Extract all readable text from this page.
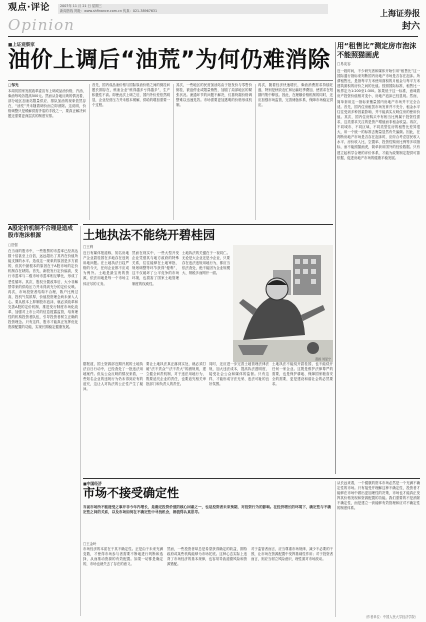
观点·评论
Opinion
2007年 11 月 21 日 星期三
新闻热线 网址：www.shfinance.com.cn 传真：021-38967631	上海证券报
封六
■上证观察家
油价上调后“油荒”为何仍难消除
□邹光
本周初国家发展改革委宣布上调成品油价格，汽油、柴油每吨各提高500元。然而从各地反映的情况看，部分地区加油站限量供应、排队加油的现象依然存在，“油荒”并未随着调价而立即消除。这说明，价格调整只是缓解供需矛盾的手段之一，要真正解决问题还需要更深层次的制度安排。
首先，国内成品油价格与国际原油价格之间的倒挂问题长期存在，炼油企业“炼得越多亏得越多”，生产积极性不高。即使此次上调之后，国内外价差依然明显，企业经营压力并未根本缓解，供给的增加需要一个过程。
其次，一些地区的民营加油站由于批发价与零售价倒挂，被迫停业或限量销售，加剧了局部地区的紧张状况。流通环节的问题不解决，仅靠终端价格调整难以迅速见效。市场需要更加透明的价格形成机制。
再次，随着经济快速增长，柴油消费需求持续旺盛，特别是秋收农忙和运输旺季叠加，使需求在短期内集中释放。因此，在理顺价格机制的同时，还应加强市场监管，完善储备体系，保障市场稳定供应。
用“租售比”测定房市泡沫不能照猫画虎
□易宪容
近一段时间，不少研究者和媒体开始引用“租售比”这一国际通行指标来判断国内房地产市场是否存在泡沫。所谓租售比，是指每平方米使用面积的月租金与每平方米建筑面积的房价之间的比值。按照国际标准，租售比一般界定为1:200至1:300。如果低于这一标准，意味着房产投资价值相对变小，房地产泡沫已经显现。然而，简单套用这一指标来衡量国内房地产市场并不完全合适。首先，国内住房租赁市场发育并不充分，租金水平往往受到多种因素影响，并不能真实反映住房的使用价值。其次，国内住房购买中有相当比例属于投资性需求，这类需求关注的是资产增值而非租金收益。再次，不同城市、不同区域、不同类型住房的租售比差异很大，用一个统一的标准去衡量显然有失偏颇。因此，在判断房地产市场是否存在泡沫时，应综合考虑居民收入水平、房价收入比、空置率、投资性购房比例等多项指标，而不能照猫画虎，简单套用国外的经验数据。只有建立起科学合理的评价体系，才能为政策制定提供可靠依据，促进房地产市场的健康平稳发展。
A股定价机制不合理是造成股市泡沫根源
□贺强
在当前的股市中，一些股票的市盈率已经高达数十倍甚至上百倍，远远超出了其内在价值所能支撑的水平。造成这一现象的原因是多方面的，但其中最根本的原因在于A股市场的定价机制存在缺陷。首先，新股发行定价偏高，发行市盈率与二级市场市盈率相互攀比，形成了恶性循环。其次，股权分置改革后，大小非解禁带来的供给压力并未得到充分的定价反映。再次，市场投资者结构不合理，散户比例过高，投机气氛浓厚，价值投资理念尚未深入人心。要从根本上抑制股市泡沫，就必须改革和完善A股的定价机制，推进发行制度市场化改革，加强对上市公司的信息披露监管，培育理性的机构投资者队伍，引导投资者树立正确的投资理念。只有这样，股市才能真正发挥优化资源配置的功能，实现长期稳定健康发展。
土地执法不能绕开碧桂园
□王利
近日有媒体报道称，知名房地产企业碧桂园在多地存在违规用地问题。在土地执法日趋严格的今天，任何企业都不应成为例外。土地是最宝贵的资源，依法用地是每一个市场主体应尽的义务。
然而在现实中，一些大型开发企业凭借其与地方政府的特殊关系，往往能够在土地审批、规划调整等环节获得“便利”，这不仅破坏了公平竞争的市场环境，也损害了国家土地管理制度的权威性。
土地执法的关键在于一视同仁。无论是大企业还是小企业，只要存在违法违规用地行为，都应当依法查处，绝不能因为企业规模大、纳税多而网开一面。
漫画 刘显宁
据报道，国土资源部近期开展的土地执法百日行动中，已经查处了一批违法用地案件。但从公众反映的情况来看，一些知名企业的违规行为仍未得到应有的追究，这让人对执法的公正性产生了疑问。
要让土地执法真正落到实处，就必须打破“法不责众”“法不责大”的潜规则，建立健全问责机制，对于违法用地行为，既要追究企业的责任，也要追究相关审批部门和负责人的责任。
同时，还应进一步完善土地管理法律法规，加大违法成本，提高执法透明度，接受社会公众和媒体的监督。只有这样，才能形成守法光荣、违法可耻的良好氛围。
土地执法不能绕开碧桂园，也不能绕开任何一家企业。这既是维护法律尊严的需要，也是保护耕地、保障国家粮食安全的需要，更是建设和谐社会的必然要求。
■中国经济
市场不接受确定性
当前市场所不能接受之事并非今年内增长，是确定投资价值的核心因素之一，也是投资者未来预期，对投资行为的影响。在经济增长的环境下，确定性与不确定性之间的关系，以及市场如何在不确定性中寻找机会，都值得认真思考。
□王金岭
市场经济的本质在于其不确定性。正是由于未来充满变数，才使得市场参与者需要不断地进行判断和选择，从而推动资源的有效配置。如果一切都是确定的，市场也就失去了存在的意义。
然而，一些投资者却总是希望获得确定的收益，期待政府或某些机构能够为市场托底。这种心态实际上违背了市场经济的基本规律，也容易导致道德风险和资源错配。
对于监管者而言，应当尊重市场规律，减少不必要的干预，让市场在资源配置中发挥基础性作用；对于投资者而言，则应当树立风险意识，理性面对市场波动。
从长远来看，一个健康的资本市场必然是一个充满不确定性的市场。只有接受并理解这种不确定性，投资者才能够在市场中做出更加理性的决策，市场也才能真正发挥其价格发现和资源配置的功能。我们需要的不是消除不确定性，而是建立一套能够有效管理和应对不确定性的制度体系。
（作者单位：中国人民大学经济学院）
